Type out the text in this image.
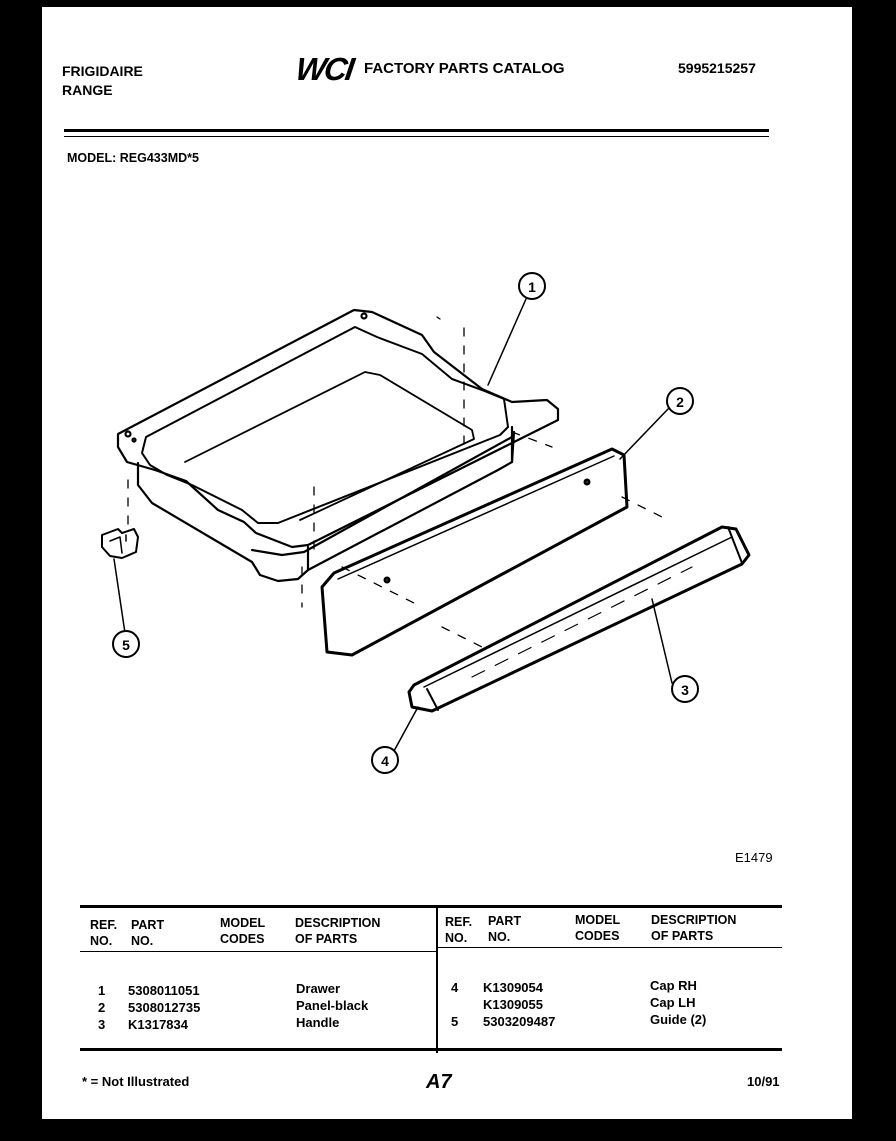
FRIGIDAIRE
RANGE
WCI FACTORY PARTS CATALOG	5995215257
MODEL: REG433MD*5
1
2
3
4
5
E1479
REF.
NO.
PART
NO.
MODEL
CODES
DESCRIPTION
OF PARTS
REF.
NO.
PART
NO.
MODEL
CODES
DESCRIPTION
OF PARTS
1 5308011051	Drawer
2 5308012735	Panel-black
3 K1317834	Handle
4 K1309054	Cap RH
K1309055	Cap LH
5 5303209487	Guide (2)
* = Not Illustrated	A7	10/91
